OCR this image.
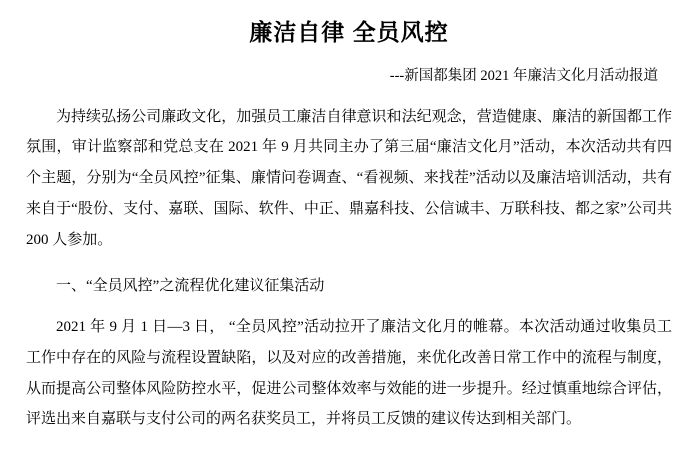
廉洁自律 全员风控
---新国都集团 2021 年廉洁文化月活动报道

为持续弘扬公司廉政文化，加强员工廉洁自律意识和法纪观念，营造健康、廉洁的新国都工作氛围，审计监察部和党总支在 2021 年 9 月共同主办了第三届“廉洁文化月”活动，本次活动共有四个主题，分别为“全员风控”征集、廉情问卷调查、“看视频、来找茬”活动以及廉洁培训活动，共有来自于“股份、支付、嘉联、国际、软件、中正、鼎嘉科技、公信诚丰、万联科技、都之家”公司共 200 人参加。

一、“全员风控”之流程优化建议征集活动

2021 年 9 月 1 日—3 日， “全员风控”活动拉开了廉洁文化月的帷幕。本次活动通过收集员工工作中存在的风险与流程设置缺陷，以及对应的改善措施，来优化改善日常工作中的流程与制度，从而提高公司整体风险防控水平，促进公司整体效率与效能的进一步提升。经过慎重地综合评估，评选出来自嘉联与支付公司的两名获奖员工，并将员工反馈的建议传达到相关部门。
